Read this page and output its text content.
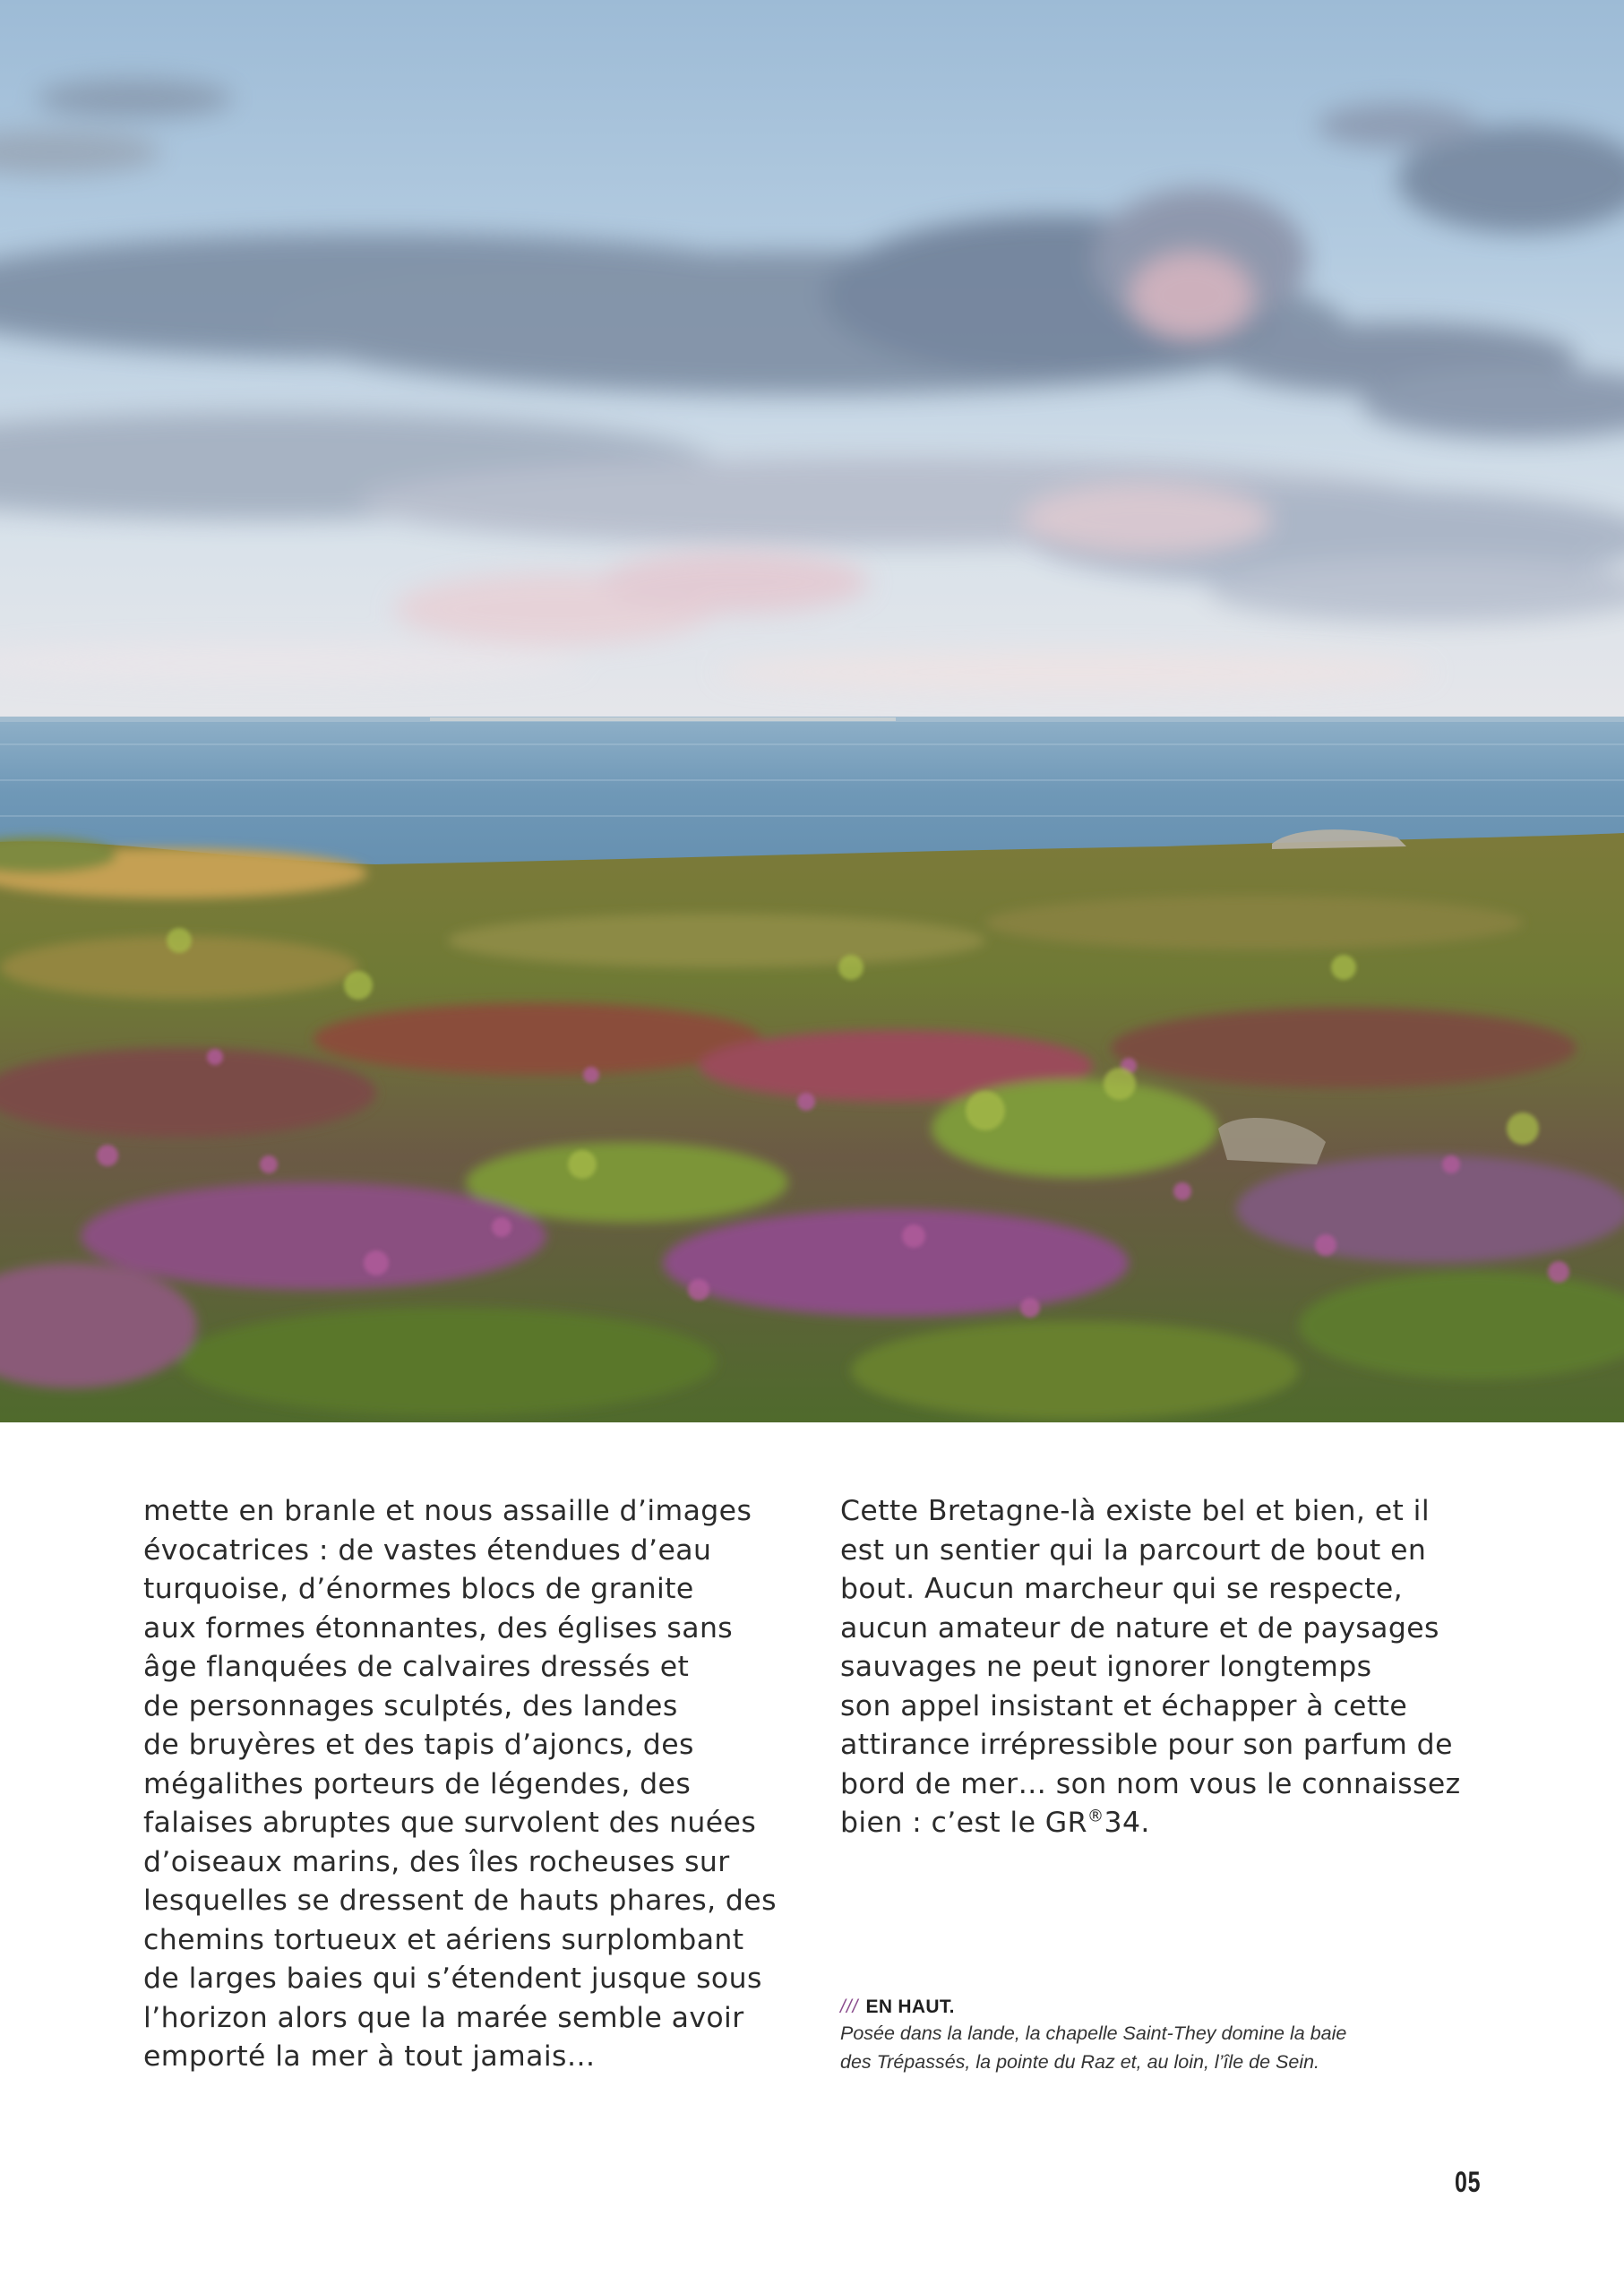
mette en branle et nous assaille d’images
évocatrices : de vastes étendues d’eau
turquoise, d’énormes blocs de granite
aux formes étonnantes, des églises sans
âge flanquées de calvaires dressés et
de personnages sculptés, des landes
de bruyères et des tapis d’ajoncs, des
mégalithes porteurs de légendes, des
falaises abruptes que survolent des nuées
d’oiseaux marins, des îles rocheuses sur
lesquelles se dressent de hauts phares, des
chemins tortueux et aériens surplombant
de larges baies qui s’étendent jusque sous
l’horizon alors que la marée semble avoir
emporté la mer à tout jamais…
Cette Bretagne-là existe bel et bien, et il
est un sentier qui la parcourt de bout en
bout. Aucun marcheur qui se respecte,
aucun amateur de nature et de paysages
sauvages ne peut ignorer longtemps
son appel insistant et échapper à cette
attirance irrépressible pour son parfum de
bord de mer… son nom vous le connaissez
bien : c’est le GR®34.
/// EN HAUT.
Posée dans la lande, la chapelle Saint-They domine la baie
des Trépassés, la pointe du Raz et, au loin, l’île de Sein.
05
